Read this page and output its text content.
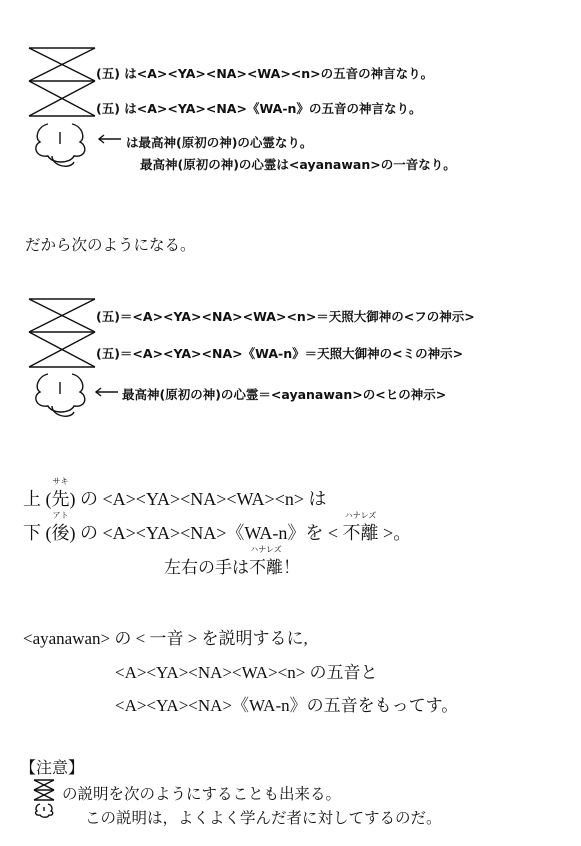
(五) は<A><YA><NA><WA><n>の五音の神言なり。
(五) は<A><YA><NA>《WA-n》の五音の神言なり。
は最高神(原初の神)の心霊なり。
最高神(原初の神)の心霊は<ayanawan>の一音なり。
だから次のようになる。
(五)＝<A><YA><NA><WA><n>＝天照大御神の<フの神示>
(五)＝<A><YA><NA>《WA-n》＝天照大御神の<ミの神示>
最高神(原初の神)の心霊＝<ayanawan>の<ヒの神示>
上 (先
サキ
) の <A><YA><NA><WA><n> は
下 (後
アト
) の <A><YA><NA>《WA-n》を < 不離
ハナレズ
>。
左右の手は不離
ハナレズ
！
<ayanawan> の < 一音 > を説明するに,
<A><YA><NA><WA><n> の五音と
<A><YA><NA>《WA-n》の五音をもってす。
【注意】
の説明を次のようにすることも出来る。
この説明は，よくよく学んだ者に対してするのだ。
